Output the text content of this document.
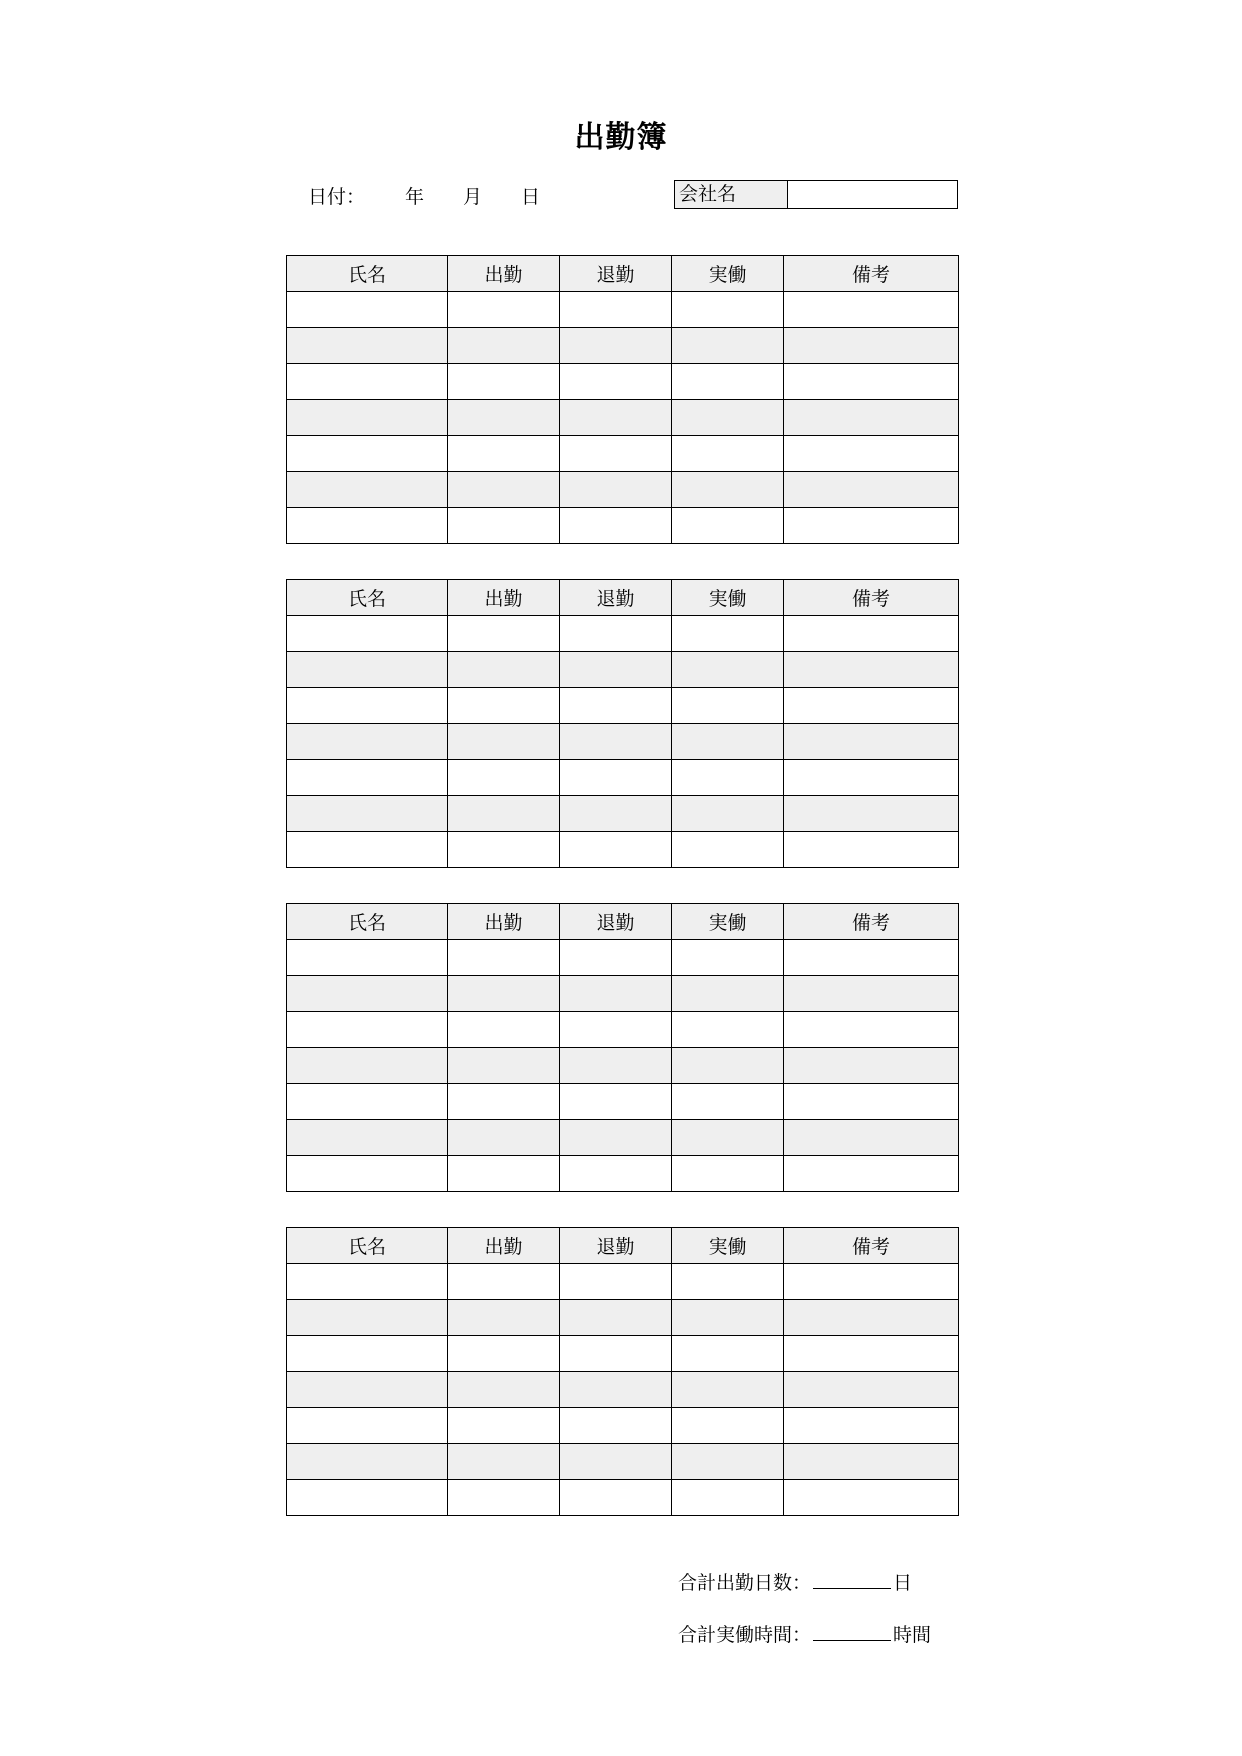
出勤簿
日付： 年 月 日	会社名
氏名	出勤	退勤	実働	備考

氏名	出勤	退勤	実働	備考

氏名	出勤	退勤	実働	備考

氏名	出勤	退勤	実働	備考

合計出勤日数：	日
合計実働時間：	時間
